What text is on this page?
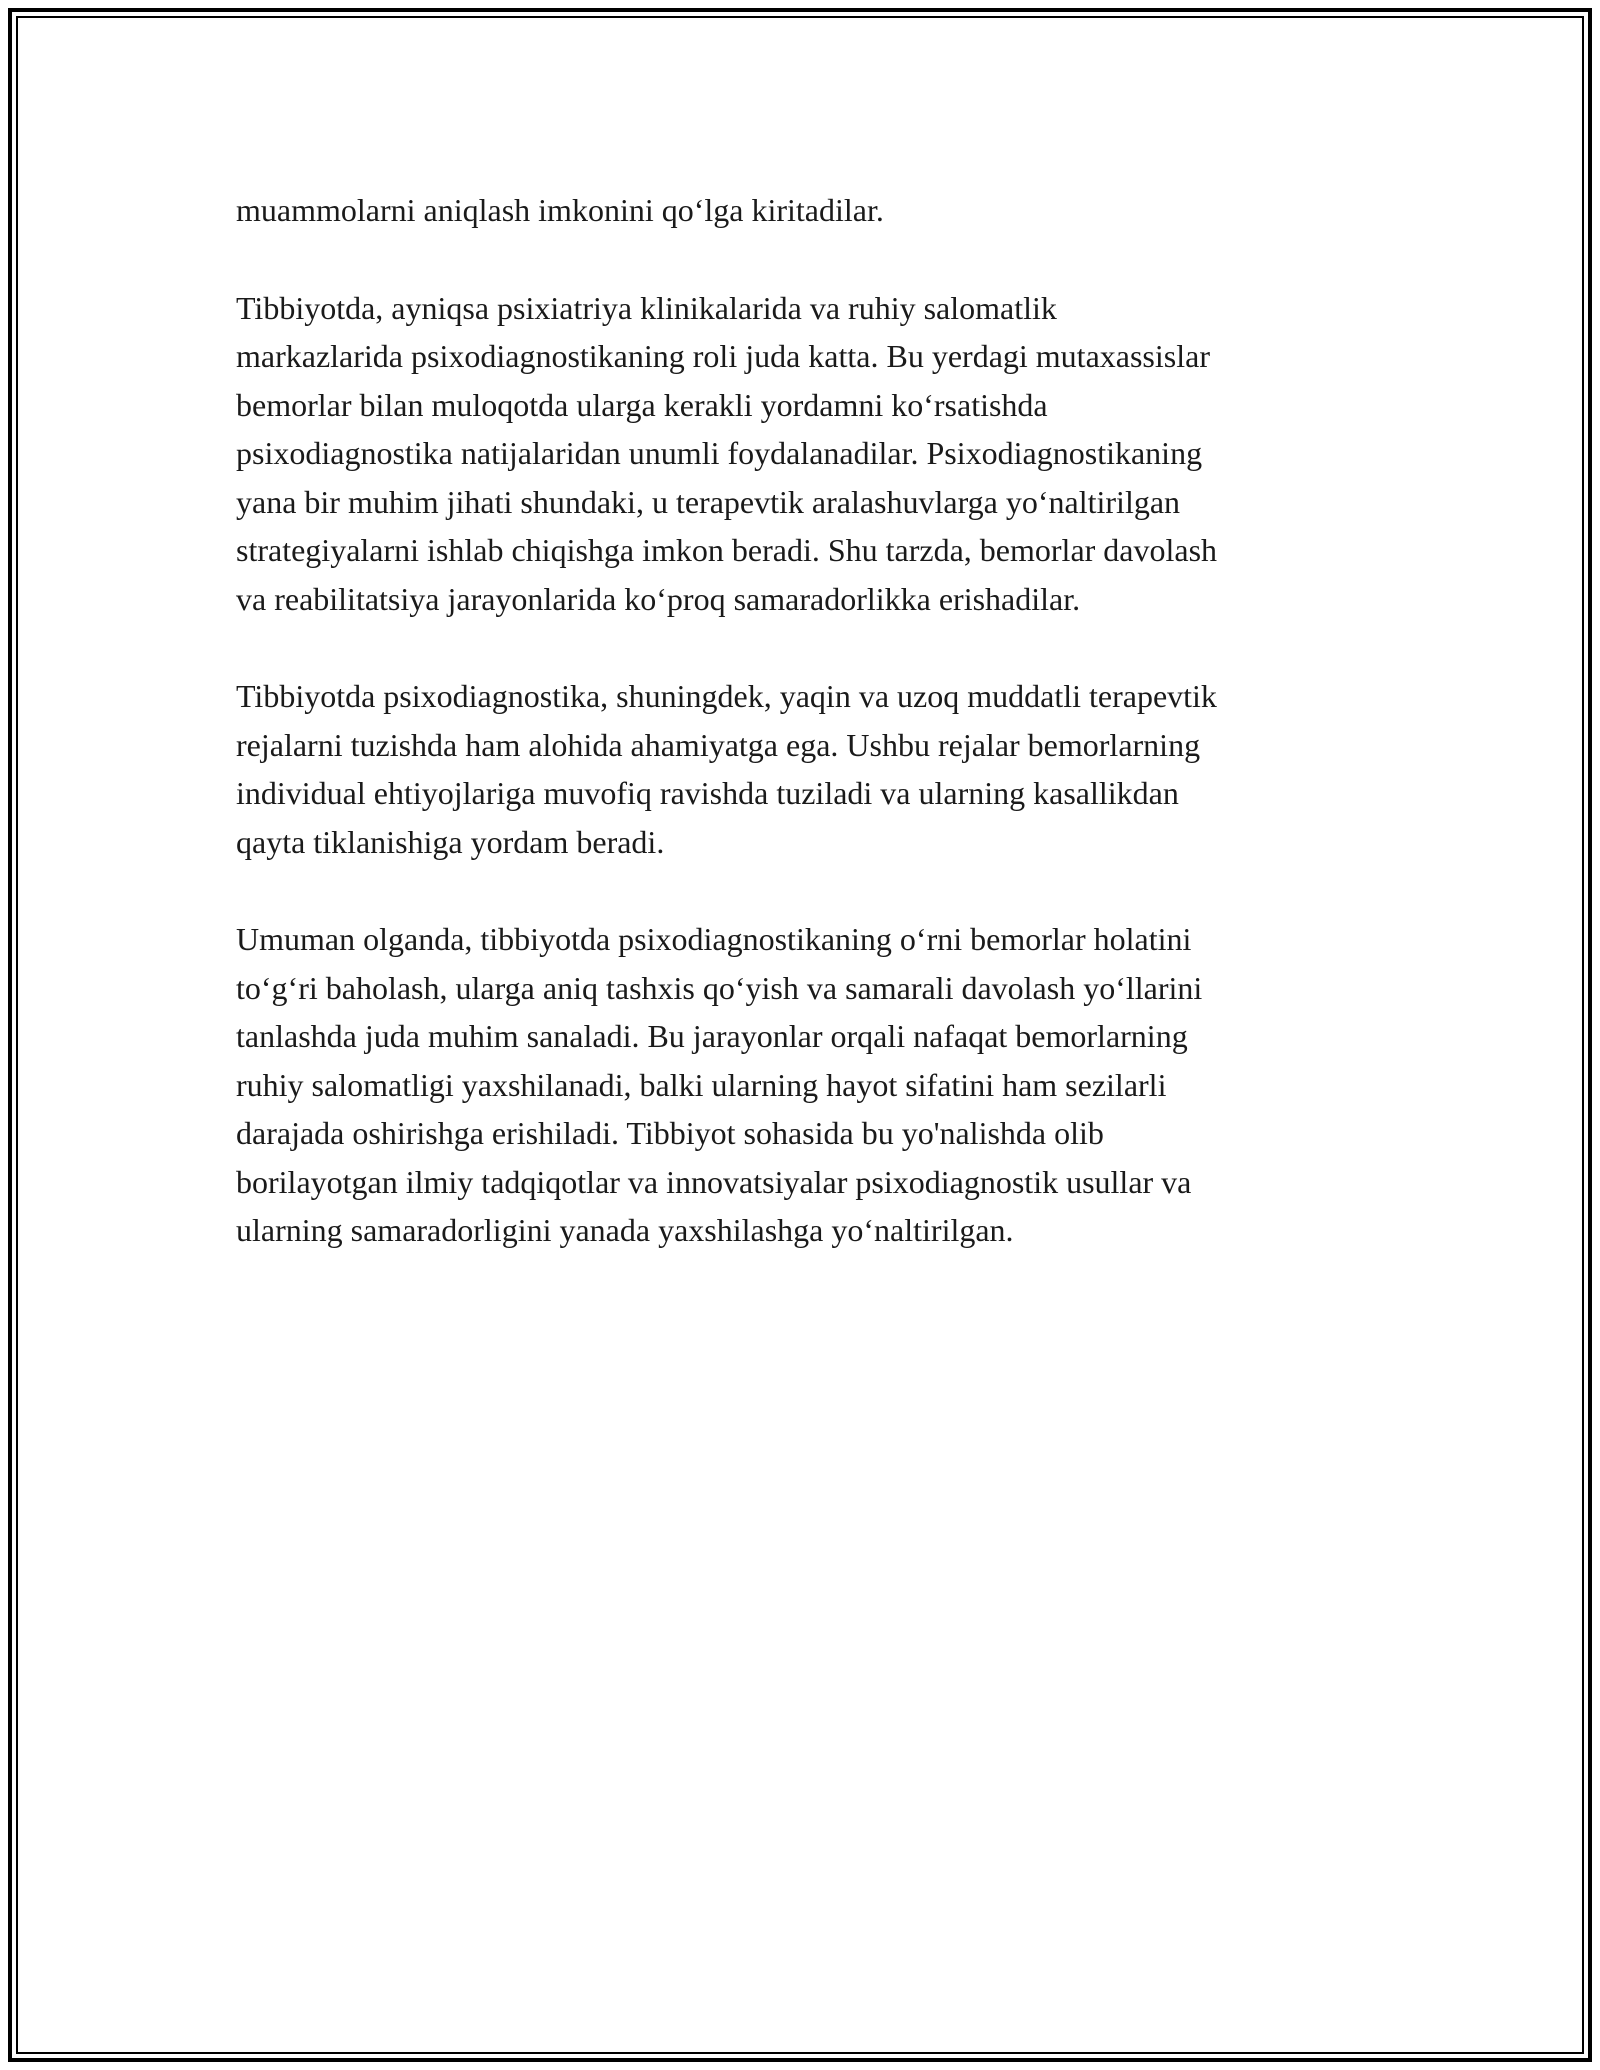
muammolarni aniqlash imkonini qo‘lga kiritadilar.

Tibbiyotda, ayniqsa psixiatriya klinikalarida va ruhiy salomatlik
markazlarida psixodiagnostikaning roli juda katta. Bu yerdagi mutaxassislar
bemorlar bilan muloqotda ularga kerakli yordamni ko‘rsatishda
psixodiagnostika natijalaridan unumli foydalanadilar. Psixodiagnostikaning
yana bir muhim jihati shundaki, u terapevtik aralashuvlarga yo‘naltirilgan
strategiyalarni ishlab chiqishga imkon beradi. Shu tarzda, bemorlar davolash
va reabilitatsiya jarayonlarida ko‘proq samaradorlikka erishadilar.

Tibbiyotda psixodiagnostika, shuningdek, yaqin va uzoq muddatli terapevtik
rejalarni tuzishda ham alohida ahamiyatga ega. Ushbu rejalar bemorlarning
individual ehtiyojlariga muvofiq ravishda tuziladi va ularning kasallikdan
qayta tiklanishiga yordam beradi.

Umuman olganda, tibbiyotda psixodiagnostikaning o‘rni bemorlar holatini
to‘g‘ri baholash, ularga aniq tashxis qo‘yish va samarali davolash yo‘llarini
tanlashda juda muhim sanaladi. Bu jarayonlar orqali nafaqat bemorlarning
ruhiy salomatligi yaxshilanadi, balki ularning hayot sifatini ham sezilarli
darajada oshirishga erishiladi. Tibbiyot sohasida bu yo'nalishda olib
borilayotgan ilmiy tadqiqotlar va innovatsiyalar psixodiagnostik usullar va
ularning samaradorligini yanada yaxshilashga yo‘naltirilgan.
